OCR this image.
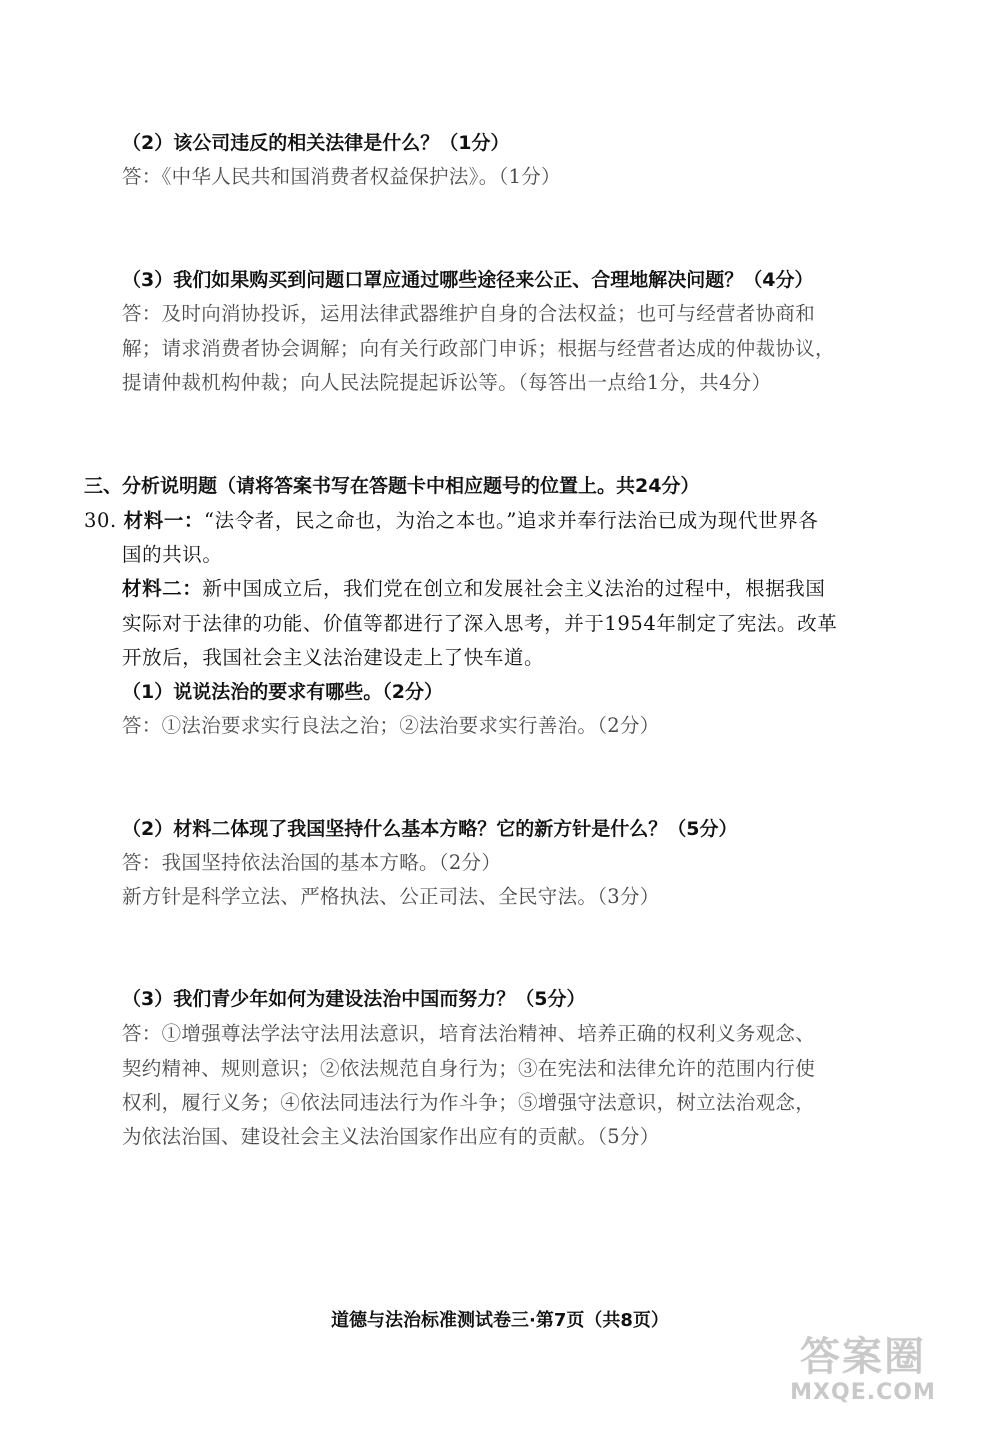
（2）该公司违反的相关法律是什么？（1分）
答：《中华人民共和国消费者权益保护法》。（1分）
（3）我们如果购买到问题口罩应通过哪些途径来公正、合理地解决问题？（4分）
答：及时向消协投诉，运用法律武器维护自身的合法权益；也可与经营者协商和
解；请求消费者协会调解；向有关行政部门申诉；根据与经营者达成的仲裁协议，
提请仲裁机构仲裁；向人民法院提起诉讼等。（每答出一点给1分，共4分）
三、分析说明题（请将答案书写在答题卡中相应题号的位置上。共24分）
30. 材料一：“法令者，民之命也，为治之本也。”追求并奉行法治已成为现代世界各
国的共识。
材料二：新中国成立后，我们党在创立和发展社会主义法治的过程中，根据我国
实际对于法律的功能、价值等都进行了深入思考，并于1954年制定了宪法。改革
开放后，我国社会主义法治建设走上了快车道。
（1）说说法治的要求有哪些。（2分）
答：①法治要求实行良法之治；②法治要求实行善治。（2分）
（2）材料二体现了我国坚持什么基本方略？它的新方针是什么？（5分）
答：我国坚持依法治国的基本方略。（2分）
新方针是科学立法、严格执法、公正司法、全民守法。（3分）
（3）我们青少年如何为建设法治中国而努力？（5分）
答：①增强尊法学法守法用法意识，培育法治精神、培养正确的权利义务观念、
契约精神、规则意识；②依法规范自身行为；③在宪法和法律允许的范围内行使
权利，履行义务；④依法同违法行为作斗争；⑤增强守法意识，树立法治观念，
为依法治国、建设社会主义法治国家作出应有的贡献。（5分）
道德与法治标准测试卷三·第7页（共8页）
答案圈
MXQE.COM
